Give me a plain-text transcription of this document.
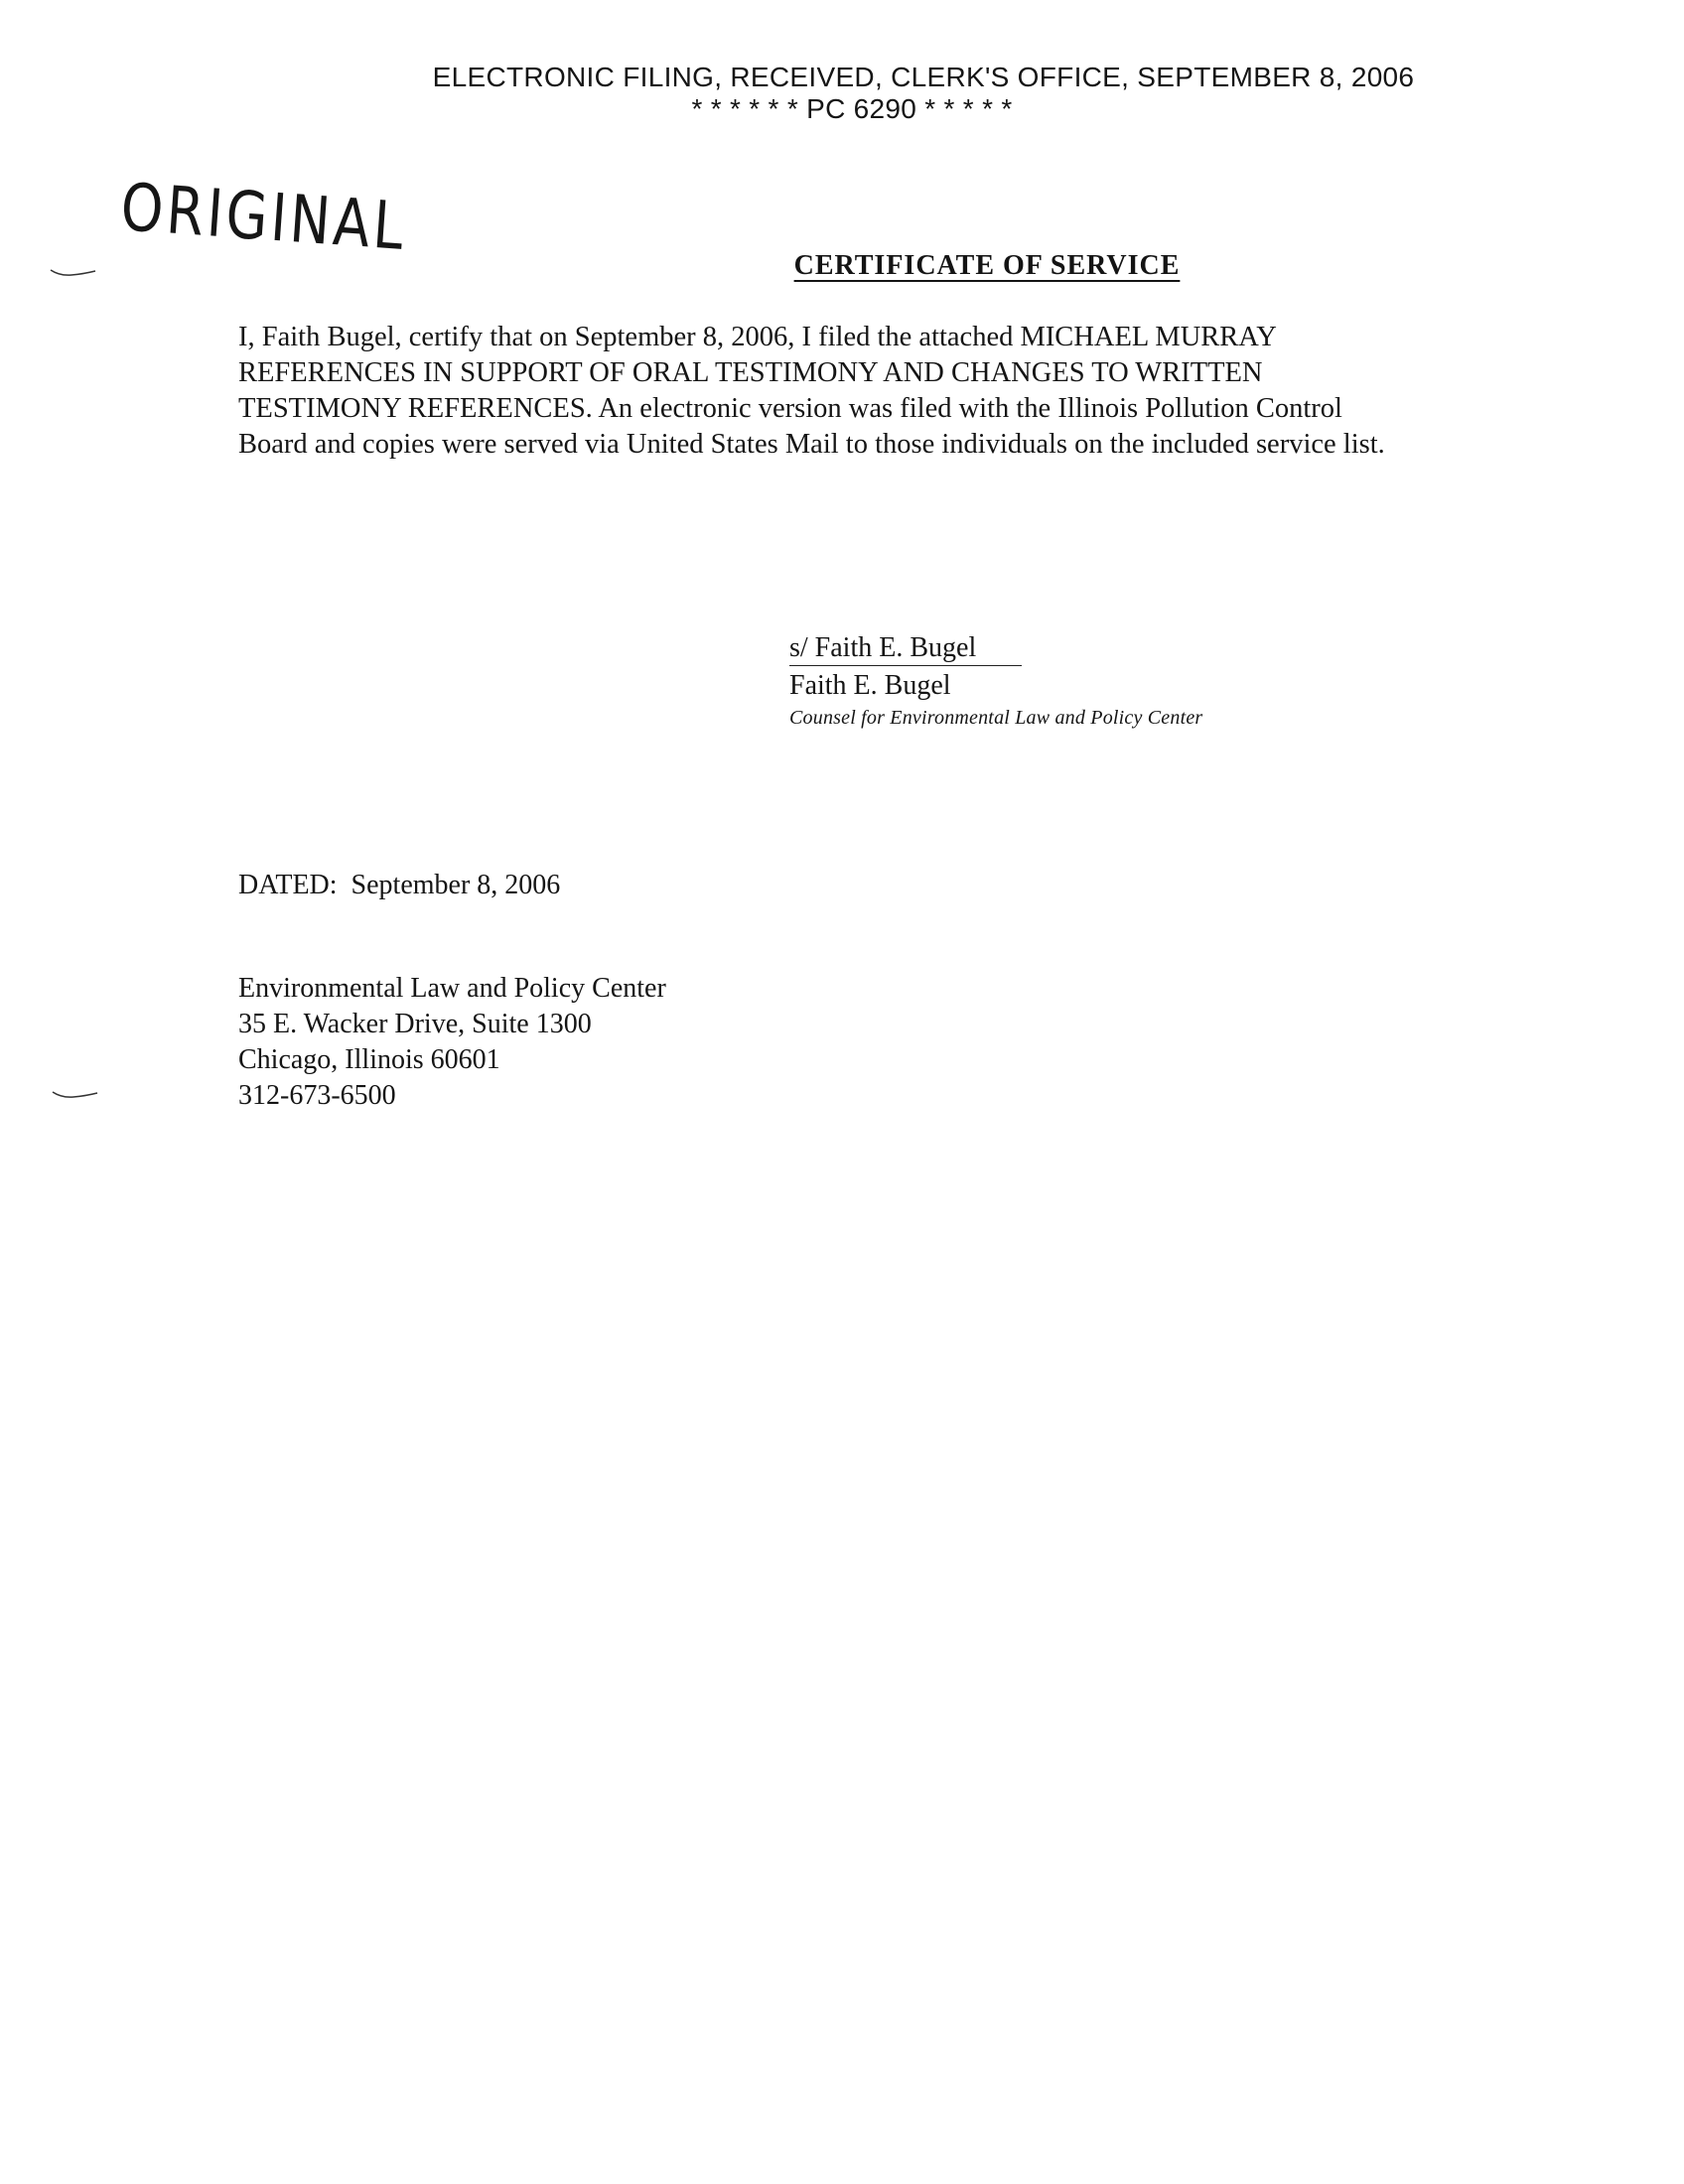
ELECTRONIC FILING, RECEIVED, CLERK'S OFFICE, SEPTEMBER 8, 2006
* * * * * * PC 6290 * * * * *
ORIGINAL
CERTIFICATE OF SERVICE

I, Faith Bugel, certify that on September 8, 2006, I filed the attached MICHAEL MURRAY REFERENCES IN SUPPORT OF ORAL TESTIMONY AND CHANGES TO WRITTEN TESTIMONY REFERENCES. An electronic version was filed with the Illinois Pollution Control Board and copies were served via United States Mail to those individuals on the included service list.

s/ Faith E. Bugel
Faith E. Bugel
Counsel for Environmental Law and Policy Center
DATED: September 8, 2006
Environmental Law and Policy Center
35 E. Wacker Drive, Suite 1300
Chicago, Illinois 60601
312-673-6500
